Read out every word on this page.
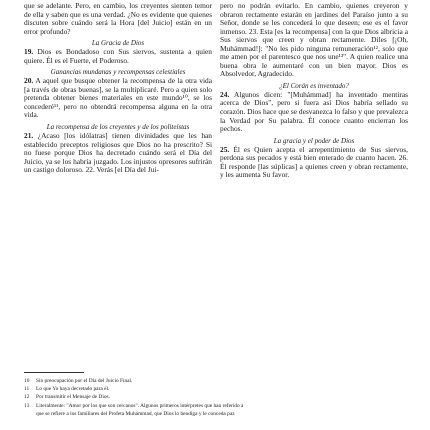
que se adelante. Pero, en cambio, los creyentes sienten temor de ella y saben que es una verdad. ¿No es evidente que quienes discuten sobre cuándo será la Hora [del Juicio] están en un error profundo?

La Gracia de Dios

19. Dios es Bondadoso con Sus siervos, sustenta a quien quiere. Él es el Fuerte, el Poderoso.

Ganancias mundanas y recompensas celestiales

20. A aquel que busque obtener la recompensa de la otra vida [a través de obras buenas], se la multiplicaré. Pero a quien solo pretenda obtener bienes materiales en este mundo¹⁰, se los concederé¹¹, pero no obtendrá recompensa alguna en la otra vida.

La recompensa de los creyentes y de los politeístas

21. ¿Acaso [los idólatras] tienen divinidades que les han establecido preceptos religiosos que Dios no ha prescrito? Si no fuese porque Dios ha decretado cuándo será el Día del Juicio, ya se los habría juzgado. Los injustos opresores sufrirán un castigo doloroso. 22. Verás [el Día del Jui-

pero no podrán evitarlo. En cambio, quienes creyeron y obraron rectamente estarán en jardines del Paraíso junto a su Señor, donde se les concederá lo que deseen; ese es el favor inmenso. 23. Esta [es la recompensa] con la que Dios albricia a Sus siervos que creen y obran rectamente. Diles [¡Oh, Muhámmad!]: "No les pido ninguna remuneración¹², solo que me amen por el parentesco que nos une¹³". A quien realice una buena obra le aumentaré con un bien mayor. Dios es Absolvedor, Agradecido.

¿El Corán es inventado?

24. Algunos dicen: "[Muhámmad] ha inventado mentiras acerca de Dios", pero si fuera así Dios habría sellado su corazón. Dios hace que se desvanezca lo falso y que prevalezca la Verdad por Su palabra. Él conoce cuanto encierran los pechos.

La gracia y el poder de Dios

25. Él es Quien acepta el arrepentimiento de Sus siervos, perdona sus pecados y está bien enterado de cuanto hacen. 26. Él responde [las súplicas] a quienes creen y obran rectamente, y les aumenta Su favor.

10	Sin preocupación por el Día del Juicio Final.
11	Lo que Yo haya decretado para él.
12	Por transmitir el Mensaje de Dios.
13	Literalmente: "Amor por los que son cercanos". Algunos primeros intérpretes que han referido a
que se refiere a los familiares del Profeta Muhámmad, que Dios lo bendiga y le conceda paz
